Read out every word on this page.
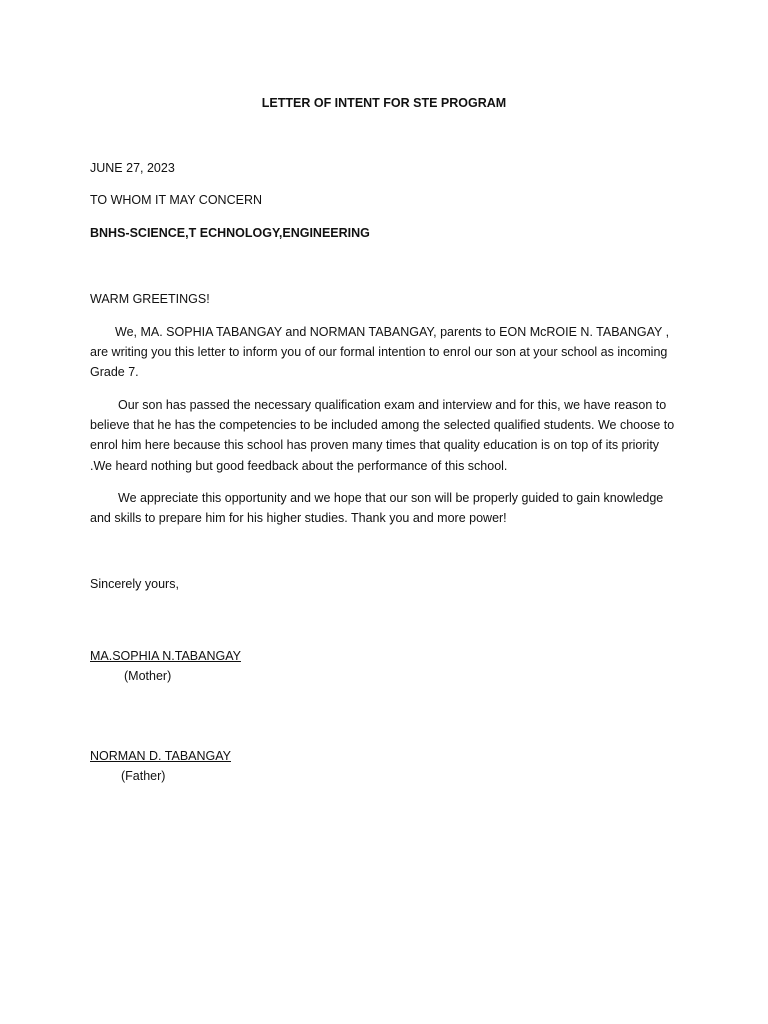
LETTER OF INTENT FOR STE PROGRAM
JUNE 27, 2023
TO WHOM IT MAY CONCERN
BNHS-SCIENCE,T ECHNOLOGY,ENGINEERING
WARM GREETINGS!
We, MA. SOPHIA TABANGAY and NORMAN TABANGAY, parents to EON McROIE N. TABANGAY , are writing you this letter to inform you of our formal intention to enrol our son at your school as incoming Grade 7.
Our son has passed the necessary qualification exam and interview and for this, we have reason to believe that he has the competencies to be included among the selected qualified students. We choose to enrol him here because this school has proven many times that quality education is on top of its priority .We heard nothing but good feedback about the performance of this school.
We appreciate this opportunity and we hope that our son will be properly guided to gain knowledge and skills to prepare him for his higher studies. Thank you and more power!
Sincerely yours,
MA.SOPHIA N.TABANGAY
(Mother)
NORMAN D. TABANGAY
(Father)
